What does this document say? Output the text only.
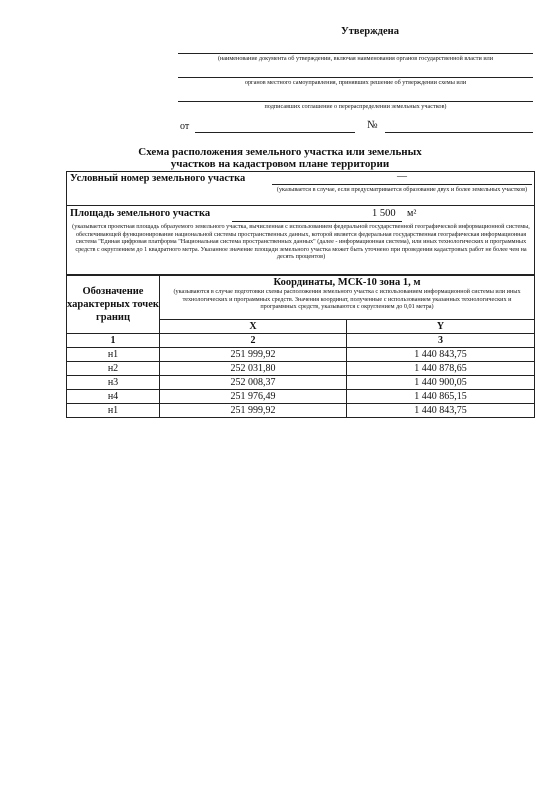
Утверждена
(наименование документа об утверждении, включая наименования органов государственной власти или
органов местного самоуправления, принявших решение об утверждении схемы или
подписавших соглашение о перераспределении земельных участков)
от	№
Схема расположения земельного участка или земельных
участков на кадастровом плане территории
Условный номер земельного участка	—
(указывается в случае, если предусматривается образование двух и более земельных участков)

Площадь земельного участка	1 500 м²
(указывается проектная площадь образуемого земельного участка, вычисленная с использованием федеральной государственной географической информационной системы, обеспечивающей функционирование национальной системы пространственных данных, которой является федеральная государственная географическая информационная система "Единая цифровая платформа "Национальная система пространственных данных" (далее - информационная система), или иных технологических и программных средств с округлением до 1 квадратного метра. Указанное значение площади земельного участка может быть уточнено при проведении кадастровых работ не более чем на десять процентов)
Обозначение характерных точек границ	Координаты, МСК-10 зона 1, м
(указываются в случае подготовки схемы расположения земельного участка с использованием информационной системы или иных технологических и программных средств. Значения координат, полученные с использованием указанных технологических и программных средств, указываются с округлением до 0,01 метра)	

	X	Y
1	2	3
н1	251 999,92	1 440 843,75
н2	252 031,80	1 440 878,65
н3	252 008,37	1 440 900,05
н4	251 976,49	1 440 865,15
н1	251 999,92	1 440 843,75
